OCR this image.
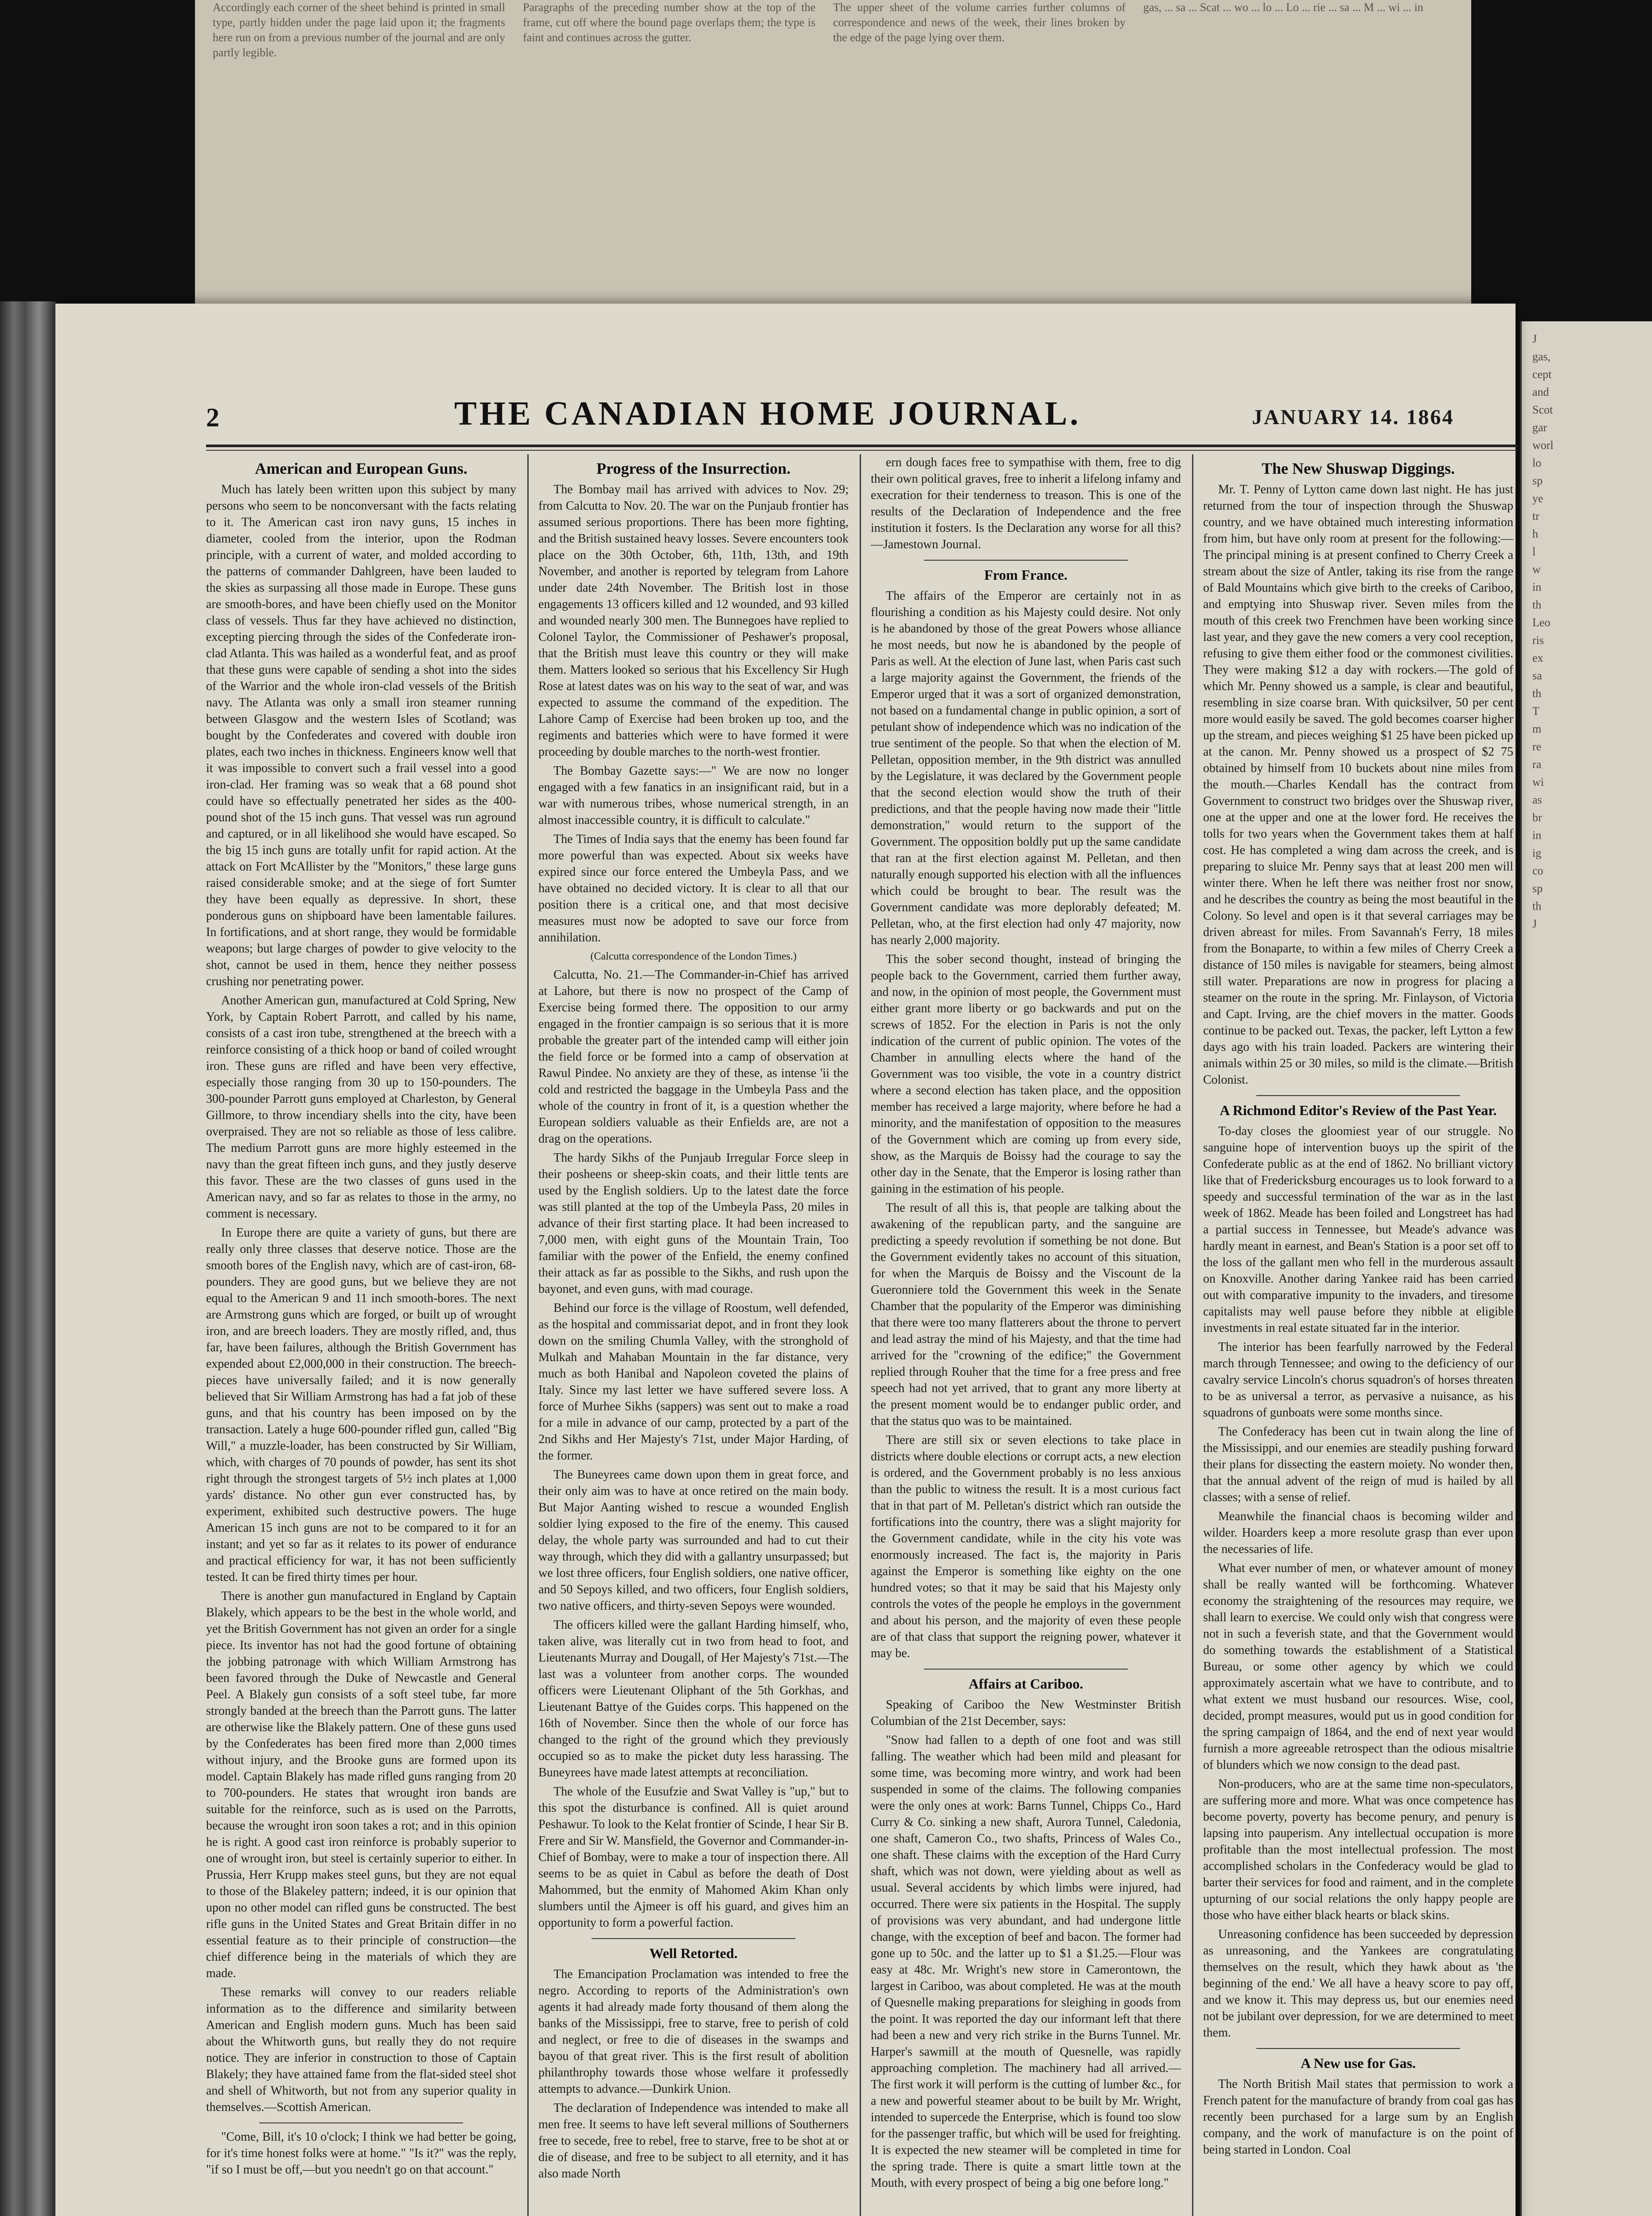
Accordingly each corner of the sheet behind is printed in small type, partly hidden under the page laid upon it; the fragments here run on from a previous number of the journal and are only partly legible.

Paragraphs of the preceding number show at the top of the frame, cut off where the bound page overlaps them; the type is faint and continues across the gutter.

The upper sheet of the volume carries further columns of correspondence and news of the week, their lines broken by the edge of the page lying over them.

gas, ... sa ... Scat ... wo ... lo ... Lo ... rie ... sa ... M ... wi ... in

J
gas,
cept
and
Scot
gar
worl
lo
sp
ye
tr
h
l
w
in
th
Leo
ris
ex
sa
th
T
m
re
ra
wi
as
br
in
ig
co
sp
th
J
2	THE CANADIAN HOME JOURNAL.	JANUARY 14. 1864
American and European Guns.

Much has lately been written upon this subject by many persons who seem to be nonconversant with the facts relating to it. The American cast iron navy guns, 15 inches in diameter, cooled from the interior, upon the Rodman principle, with a current of water, and molded according to the patterns of commander Dahlgreen, have been lauded to the skies as surpassing all those made in Europe. These guns are smooth-bores, and have been chiefly used on the Monitor class of vessels. Thus far they have achieved no distinction, excepting piercing through the sides of the Confederate iron-clad Atlanta. This was hailed as a wonderful feat, and as proof that these guns were capable of sending a shot into the sides of the Warrior and the whole iron-clad vessels of the British navy. The Atlanta was only a small iron steamer running between Glasgow and the western Isles of Scotland; was bought by the Confederates and covered with double iron plates, each two inches in thickness. Engineers know well that it was impossible to convert such a frail vessel into a good iron-clad. Her framing was so weak that a 68 pound shot could have so effectually penetrated her sides as the 400-pound shot of the 15 inch guns. That vessel was run aground and captured, or in all likelihood she would have escaped. So the big 15 inch guns are totally unfit for rapid action. At the attack on Fort McAllister by the "Monitors," these large guns raised considerable smoke; and at the siege of fort Sumter they have been equally as depressive. In short, these ponderous guns on shipboard have been lamentable failures. In fortifications, and at short range, they would be formidable weapons; but large charges of powder to give velocity to the shot, cannot be used in them, hence they neither possess crushing nor penetrating power.

Another American gun, manufactured at Cold Spring, New York, by Captain Robert Parrott, and called by his name, consists of a cast iron tube, strengthened at the breech with a reinforce consisting of a thick hoop or band of coiled wrought iron. These guns are rifled and have been very effective, especially those ranging from 30 up to 150-pounders. The 300-pounder Parrott guns employed at Charleston, by General Gillmore, to throw incendiary shells into the city, have been overpraised. They are not so reliable as those of less calibre. The medium Parrott guns are more highly esteemed in the navy than the great fifteen inch guns, and they justly deserve this favor. These are the two classes of guns used in the American navy, and so far as relates to those in the army, no comment is necessary.

In Europe there are quite a variety of guns, but there are really only three classes that deserve notice. Those are the smooth bores of the English navy, which are of cast-iron, 68-pounders. They are good guns, but we believe they are not equal to the American 9 and 11 inch smooth-bores. The next are Armstrong guns which are forged, or built up of wrought iron, and are breech loaders. They are mostly rifled, and, thus far, have been failures, although the British Government has expended about £2,000,000 in their construction. The breech-pieces have universally failed; and it is now generally believed that Sir William Armstrong has had a fat job of these guns, and that his country has been imposed on by the transaction. Lately a huge 600-pounder rifled gun, called "Big Will," a muzzle-loader, has been constructed by Sir William, which, with charges of 70 pounds of powder, has sent its shot right through the strongest targets of 5½ inch plates at 1,000 yards' distance. No other gun ever constructed has, by experiment, exhibited such destructive powers. The huge American 15 inch guns are not to be compared to it for an instant; and yet so far as it relates to its power of endurance and practical efficiency for war, it has not been sufficiently tested. It can be fired thirty times per hour.

There is another gun manufactured in England by Captain Blakely, which appears to be the best in the whole world, and yet the British Government has not given an order for a single piece. Its inventor has not had the good fortune of obtaining the jobbing patronage with which William Armstrong has been favored through the Duke of Newcastle and General Peel. A Blakely gun consists of a soft steel tube, far more strongly banded at the breech than the Parrott guns. The latter are otherwise like the Blakely pattern. One of these guns used by the Confederates has been fired more than 2,000 times without injury, and the Brooke guns are formed upon its model. Captain Blakely has made rifled guns ranging from 20 to 700-pounders. He states that wrought iron bands are suitable for the reinforce, such as is used on the Parrotts, because the wrought iron soon takes a rot; and in this opinion he is right. A good cast iron reinforce is probably superior to one of wrought iron, but steel is certainly superior to either. In Prussia, Herr Krupp makes steel guns, but they are not equal to those of the Blakeley pattern; indeed, it is our opinion that upon no other model can rifled guns be constructed. The best rifle guns in the United States and Great Britain differ in no essential feature as to their principle of construction—the chief difference being in the materials of which they are made.

These remarks will convey to our readers reliable information as to the difference and similarity between American and English modern guns. Much has been said about the Whitworth guns, but really they do not require notice. They are inferior in construction to those of Captain Blakely; they have attained fame from the flat-sided steel shot and shell of Whitworth, but not from any superior quality in themselves.—Scottish American.

"Come, Bill, it's 10 o'clock; I think we had better be going, for it's time honest folks were at home." "Is it?" was the reply, "if so I must be off,—but you needn't go on that account."

Progress of the Insurrection.

The Bombay mail has arrived with advices to Nov. 29; from Calcutta to Nov. 20. The war on the Punjaub frontier has assumed serious proportions. There has been more fighting, and the British sustained heavy losses. Severe encounters took place on the 30th October, 6th, 11th, 13th, and 19th November, and another is reported by telegram from Lahore under date 24th November. The British lost in those engagements 13 officers killed and 12 wounded, and 93 killed and wounded nearly 300 men. The Bunnegoes have replied to Colonel Taylor, the Commissioner of Peshawer's proposal, that the British must leave this country or they will make them. Matters looked so serious that his Excellency Sir Hugh Rose at latest dates was on his way to the seat of war, and was expected to assume the command of the expedition. The Lahore Camp of Exercise had been broken up too, and the regiments and batteries which were to have formed it were proceeding by double marches to the north-west frontier.

The Bombay Gazette says:—" We are now no longer engaged with a few fanatics in an insignificant raid, but in a war with numerous tribes, whose numerical strength, in an almost inaccessible country, it is difficult to calculate."

The Times of India says that the enemy has been found far more powerful than was expected. About six weeks have expired since our force entered the Umbeyla Pass, and we have obtained no decided victory. It is clear to all that our position there is a critical one, and that most decisive measures must now be adopted to save our force from annihilation.

(Calcutta correspondence of the London Times.)

Calcutta, No. 21.—The Commander-in-Chief has arrived at Lahore, but there is now no prospect of the Camp of Exercise being formed there. The opposition to our army engaged in the frontier campaign is so serious that it is more probable the greater part of the intended camp will either join the field force or be formed into a camp of observation at Rawul Pindee. No anxiety are they of these, as intense 'ii the cold and restricted the baggage in the Umbeyla Pass and the whole of the country in front of it, is a question whether the European soldiers valuable as their Enfields are, are not a drag on the operations.

The hardy Sikhs of the Punjaub Irregular Force sleep in their posheens or sheep-skin coats, and their little tents are used by the English soldiers. Up to the latest date the force was still planted at the top of the Umbeyla Pass, 20 miles in advance of their first starting place. It had been increased to 7,000 men, with eight guns of the Mountain Train, Too familiar with the power of the Enfield, the enemy confined their attack as far as possible to the Sikhs, and rush upon the bayonet, and even guns, with mad courage.

Behind our force is the village of Roostum, well defended, as the hospital and commissariat depot, and in front they look down on the smiling Chumla Valley, with the stronghold of Mulkah and Mahaban Mountain in the far distance, very much as both Hanibal and Napoleon coveted the plains of Italy. Since my last letter we have suffered severe loss. A force of Murhee Sikhs (sappers) was sent out to make a road for a mile in advance of our camp, protected by a part of the 2nd Sikhs and Her Majesty's 71st, under Major Harding, of the former.

The Buneyrees came down upon them in great force, and their only aim was to have at once retired on the main body. But Major Aanting wished to rescue a wounded English soldier lying exposed to the fire of the enemy. This caused delay, the whole party was surrounded and had to cut their way through, which they did with a gallantry unsurpassed; but we lost three officers, four English soldiers, one native officer, and 50 Sepoys killed, and two officers, four English soldiers, two native officers, and thirty-seven Sepoys were wounded.

The officers killed were the gallant Harding himself, who, taken alive, was literally cut in two from head to foot, and Lieutenants Murray and Dougall, of Her Majesty's 71st.—The last was a volunteer from another corps. The wounded officers were Lieutenant Oliphant of the 5th Gorkhas, and Lieutenant Battye of the Guides corps. This happened on the 16th of November. Since then the whole of our force has changed to the right of the ground which they previously occupied so as to make the picket duty less harassing. The Buneyrees have made latest attempts at reconciliation.

The whole of the Eusufzie and Swat Valley is "up," but to this spot the disturbance is confined. All is quiet around Peshawur. To look to the Kelat frontier of Scinde, I hear Sir B. Frere and Sir W. Mansfield, the Governor and Commander-in-Chief of Bombay, were to make a tour of inspection there. All seems to be as quiet in Cabul as before the death of Dost Mahommed, but the enmity of Mahomed Akim Khan only slumbers until the Ajmeer is off his guard, and gives him an opportunity to form a powerful faction.

Well Retorted.

The Emancipation Proclamation was intended to free the negro. According to reports of the Administration's own agents it had already made forty thousand of them along the banks of the Mississippi, free to starve, free to perish of cold and neglect, or free to die of diseases in the swamps and bayou of that great river. This is the first result of abolition philanthrophy towards those whose welfare it professedly attempts to advance.—Dunkirk Union.

The declaration of Independence was intended to make all men free. It seems to have left several millions of Southerners free to secede, free to rebel, free to starve, free to be shot at or die of disease, and free to be subject to all eternity, and it has also made North

ern dough faces free to sympathise with them, free to dig their own political graves, free to inherit a lifelong infamy and execration for their tenderness to treason. This is one of the results of the Declaration of Independence and the free institution it fosters. Is the Declaration any worse for all this?—Jamestown Journal.

From France.

The affairs of the Emperor are certainly not in as flourishing a condition as his Majesty could desire. Not only is he abandoned by those of the great Powers whose alliance he most needs, but now he is abandoned by the people of Paris as well. At the election of June last, when Paris cast such a large majority against the Government, the friends of the Emperor urged that it was a sort of organized demonstration, not based on a fundamental change in public opinion, a sort of petulant show of independence which was no indication of the true sentiment of the people. So that when the election of M. Pelletan, opposition member, in the 9th district was annulled by the Legislature, it was declared by the Government people that the second election would show the truth of their predictions, and that the people having now made their "little demonstration," would return to the support of the Government. The opposition boldly put up the same candidate that ran at the first election against M. Pelletan, and then naturally enough supported his election with all the influences which could be brought to bear. The result was the Government candidate was more deplorably defeated; M. Pelletan, who, at the first election had only 47 majority, now has nearly 2,000 majority.

This the sober second thought, instead of bringing the people back to the Government, carried them further away, and now, in the opinion of most people, the Government must either grant more liberty or go backwards and put on the screws of 1852. For the election in Paris is not the only indication of the current of public opinion. The votes of the Chamber in annulling elects where the hand of the Government was too visible, the vote in a country district where a second election has taken place, and the opposition member has received a large majority, where before he had a minority, and the manifestation of opposition to the measures of the Government which are coming up from every side, show, as the Marquis de Boissy had the courage to say the other day in the Senate, that the Emperor is losing rather than gaining in the estimation of his people.

The result of all this is, that people are talking about the awakening of the republican party, and the sanguine are predicting a speedy revolution if something be not done. But the Government evidently takes no account of this situation, for when the Marquis de Boissy and the Viscount de la Gueronniere told the Government this week in the Senate Chamber that the popularity of the Emperor was diminishing that there were too many flatterers about the throne to pervert and lead astray the mind of his Majesty, and that the time had arrived for the "crowning of the edifice;" the Government replied through Rouher that the time for a free press and free speech had not yet arrived, that to grant any more liberty at the present moment would be to endanger public order, and that the status quo was to be maintained.

There are still six or seven elections to take place in districts where double elections or corrupt acts, a new election is ordered, and the Government probably is no less anxious than the public to witness the result. It is a most curious fact that in that part of M. Pelletan's district which ran outside the fortifications into the country, there was a slight majority for the Government candidate, while in the city his vote was enormously increased. The fact is, the majority in Paris against the Emperor is something like eighty on the one hundred votes; so that it may be said that his Majesty only controls the votes of the people he employs in the government and about his person, and the majority of even these people are of that class that support the reigning power, whatever it may be.

Affairs at Cariboo.

Speaking of Cariboo the New Westminster British Columbian of the 21st December, says:

"Snow had fallen to a depth of one foot and was still falling. The weather which had been mild and pleasant for some time, was becoming more wintry, and work had been suspended in some of the claims. The following companies were the only ones at work: Barns Tunnel, Chipps Co., Hard Curry & Co. sinking a new shaft, Aurora Tunnel, Caledonia, one shaft, Cameron Co., two shafts, Princess of Wales Co., one shaft. These claims with the exception of the Hard Curry shaft, which was not down, were yielding about as well as usual. Several accidents by which limbs were injured, had occurred. There were six patients in the Hospital. The supply of provisions was very abundant, and had undergone little change, with the exception of beef and bacon. The former had gone up to 50c. and the latter up to $1 a $1.25.—Flour was easy at 48c. Mr. Wright's new store in Camerontown, the largest in Cariboo, was about completed. He was at the mouth of Quesnelle making preparations for sleighing in goods from the point. It was reported the day our informant left that there had been a new and very rich strike in the Burns Tunnel. Mr. Harper's sawmill at the mouth of Quesnelle, was rapidly approaching completion. The machinery had all arrived.—The first work it will perform is the cutting of lumber &c., for a new and powerful steamer about to be built by Mr. Wright, intended to supercede the Enterprise, which is found too slow for the passenger traffic, but which will be used for freighting. It is expected the new steamer will be completed in time for the spring trade. There is quite a smart little town at the Mouth, with every prospect of being a big one before long."

The New Shuswap Diggings.

Mr. T. Penny of Lytton came down last night. He has just returned from the tour of inspection through the Shuswap country, and we have obtained much interesting information from him, but have only room at present for the following:—The principal mining is at present confined to Cherry Creek a stream about the size of Antler, taking its rise from the range of Bald Mountains which give birth to the creeks of Cariboo, and emptying into Shuswap river. Seven miles from the mouth of this creek two Frenchmen have been working since last year, and they gave the new comers a very cool reception, refusing to give them either food or the commonest civilities. They were making $12 a day with rockers.—The gold of which Mr. Penny showed us a sample, is clear and beautiful, resembling in size coarse bran. With quicksilver, 50 per cent more would easily be saved. The gold becomes coarser higher up the stream, and pieces weighing $1 25 have been picked up at the canon. Mr. Penny showed us a prospect of $2 75 obtained by himself from 10 buckets about nine miles from the mouth.—Charles Kendall has the contract from Government to construct two bridges over the Shuswap river, one at the upper and one at the lower ford. He receives the tolls for two years when the Government takes them at half cost. He has completed a wing dam across the creek, and is preparing to sluice Mr. Penny says that at least 200 men will winter there. When he left there was neither frost nor snow, and he describes the country as being the most beautiful in the Colony. So level and open is it that several carriages may be driven abreast for miles. From Savannah's Ferry, 18 miles from the Bonaparte, to within a few miles of Cherry Creek a distance of 150 miles is navigable for steamers, being almost still water. Preparations are now in progress for placing a steamer on the route in the spring. Mr. Finlayson, of Victoria and Capt. Irving, are the chief movers in the matter. Goods continue to be packed out. Texas, the packer, left Lytton a few days ago with his train loaded. Packers are wintering their animals within 25 or 30 miles, so mild is the climate.—British Colonist.

A Richmond Editor's Review of the Past Year.

To-day closes the gloomiest year of our struggle. No sanguine hope of intervention buoys up the spirit of the Confederate public as at the end of 1862. No brilliant victory like that of Fredericksburg encourages us to look forward to a speedy and successful termination of the war as in the last week of 1862. Meade has been foiled and Longstreet has had a partial success in Tennessee, but Meade's advance was hardly meant in earnest, and Bean's Station is a poor set off to the loss of the gallant men who fell in the murderous assault on Knoxville. Another daring Yankee raid has been carried out with comparative impunity to the invaders, and tiresome capitalists may well pause before they nibble at eligible investments in real estate situated far in the interior.

The interior has been fearfully narrowed by the Federal march through Tennessee; and owing to the deficiency of our cavalry service Lincoln's chorus squadron's of horses threaten to be as universal a terror, as pervasive a nuisance, as his squadrons of gunboats were some months since.

The Confederacy has been cut in twain along the line of the Mississippi, and our enemies are steadily pushing forward their plans for dissecting the eastern moiety. No wonder then, that the annual advent of the reign of mud is hailed by all classes; with a sense of relief.

Meanwhile the financial chaos is becoming wilder and wilder. Hoarders keep a more resolute grasp than ever upon the necessaries of life.

What ever number of men, or whatever amount of money shall be really wanted will be forthcoming. Whatever economy the straightening of the resources may require, we shall learn to exercise. We could only wish that congress were not in such a feverish state, and that the Government would do something towards the establishment of a Statistical Bureau, or some other agency by which we could approximately ascertain what we have to contribute, and to what extent we must husband our resources. Wise, cool, decided, prompt measures, would put us in good condition for the spring campaign of 1864, and the end of next year would furnish a more agreeable retrospect than the odious misaltrie of blunders which we now consign to the dead past.

Non-producers, who are at the same time non-speculators, are suffering more and more. What was once competence has become poverty, poverty has become penury, and penury is lapsing into pauperism. Any intellectual occupation is more profitable than the most intellectual profession. The most accomplished scholars in the Confederacy would be glad to barter their services for food and raiment, and in the complete upturning of our social relations the only happy people are those who have either black hearts or black skins.

Unreasoning confidence has been succeeded by depression as unreasoning, and the Yankees are congratulating themselves on the result, which they hawk about as 'the beginning of the end.' We all have a heavy score to pay off, and we know it. This may depress us, but our enemies need not be jubilant over depression, for we are determined to meet them.

A New use for Gas.

The North British Mail states that permission to work a French patent for the manufacture of brandy from coal gas has recently been purchased for a large sum by an English company, and the work of manufacture is on the point of being started in London. Coal
